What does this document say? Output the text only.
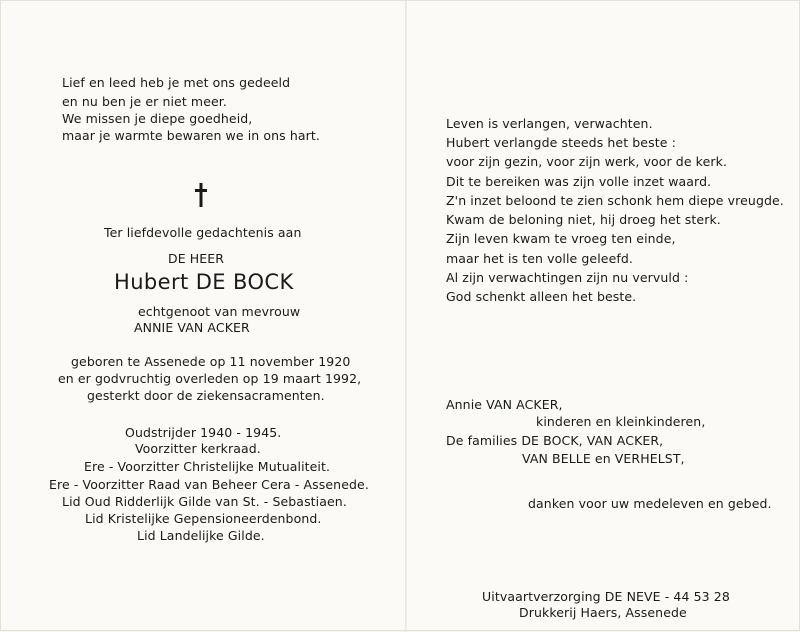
Lief en leed heb je met ons gedeeld
en nu ben je er niet meer.
We missen je diepe goedheid,
maar je warmte bewaren we in ons hart.
Ter liefdevolle gedachtenis aan
DE HEER
Hubert DE BOCK
echtgenoot van mevrouw
ANNIE VAN ACKER
geboren te Assenede op 11 november 1920
en er godvruchtig overleden op 19 maart 1992,
gesterkt door de ziekensacramenten.
Oudstrijder 1940 - 1945.
Voorzitter kerkraad.
Ere - Voorzitter Christelijke Mutualiteit.
Ere - Voorzitter Raad van Beheer Cera - Assenede.
Lid Oud Ridderlijk Gilde van St. - Sebastiaen.
Lid Kristelijke Gepensioneerdenbond.
Lid Landelijke Gilde.
Leven is verlangen, verwachten.
Hubert verlangde steeds het beste :
voor zijn gezin, voor zijn werk, voor de kerk.
Dit te bereiken was zijn volle inzet waard.
Z'n inzet beloond te zien schonk hem diepe vreugde.
Kwam de beloning niet, hij droeg het sterk.
Zijn leven kwam te vroeg ten einde,
maar het is ten volle geleefd.
Al zijn verwachtingen zijn nu vervuld :
God schenkt alleen het beste.
Annie VAN ACKER,
kinderen en kleinkinderen,
De families DE BOCK, VAN ACKER,
VAN BELLE en VERHELST,
danken voor uw medeleven en gebed.
Uitvaartverzorging DE NEVE - 44 53 28
Drukkerij Haers, Assenede
